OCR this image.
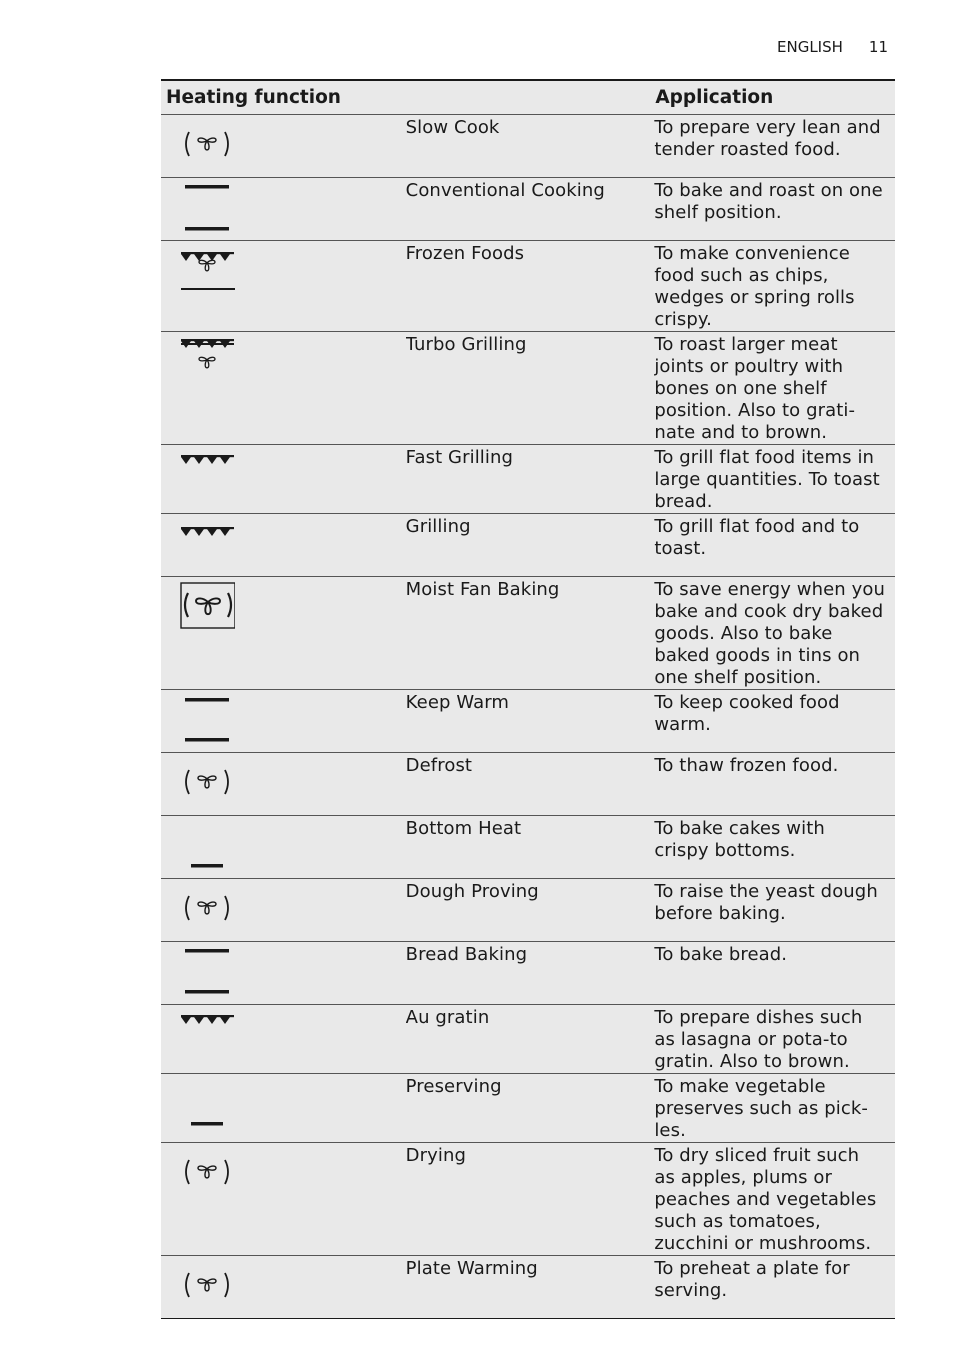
ENGLISH 11
Heating function		Application

	Slow Cook	To prepare very lean and tender roasted food.

	Conventional Cooking	To bake and roast on one shelf position.

	Frozen Foods	To make convenience food such as chips, wedges or spring rolls crispy.

	Turbo Grilling	To roast larger meat joints or poultry with bones on one shelf position. Also to grati-nate and to brown.

	Fast Grilling	To grill flat food items in large quantities. To toast bread.

	Grilling	To grill flat food and to toast.

	Moist Fan Baking	To save energy when you bake and cook dry baked goods. Also to bake baked goods in tins on one shelf position.

	Keep Warm	To keep cooked food warm.

	Defrost	To thaw frozen food.

	Bottom Heat	To bake cakes with crispy bottoms.

	Dough Proving	To raise the yeast dough before baking.

	Bread Baking	To bake bread.

	Au gratin	To prepare dishes such as lasagna or pota-to gratin. Also to brown.

	Preserving	To make vegetable preserves such as pick-les.

	Drying	To dry sliced fruit such as apples, plums or peaches and vegetables such as tomatoes, zucchini or mushrooms.

	Plate Warming	To preheat a plate for serving.
